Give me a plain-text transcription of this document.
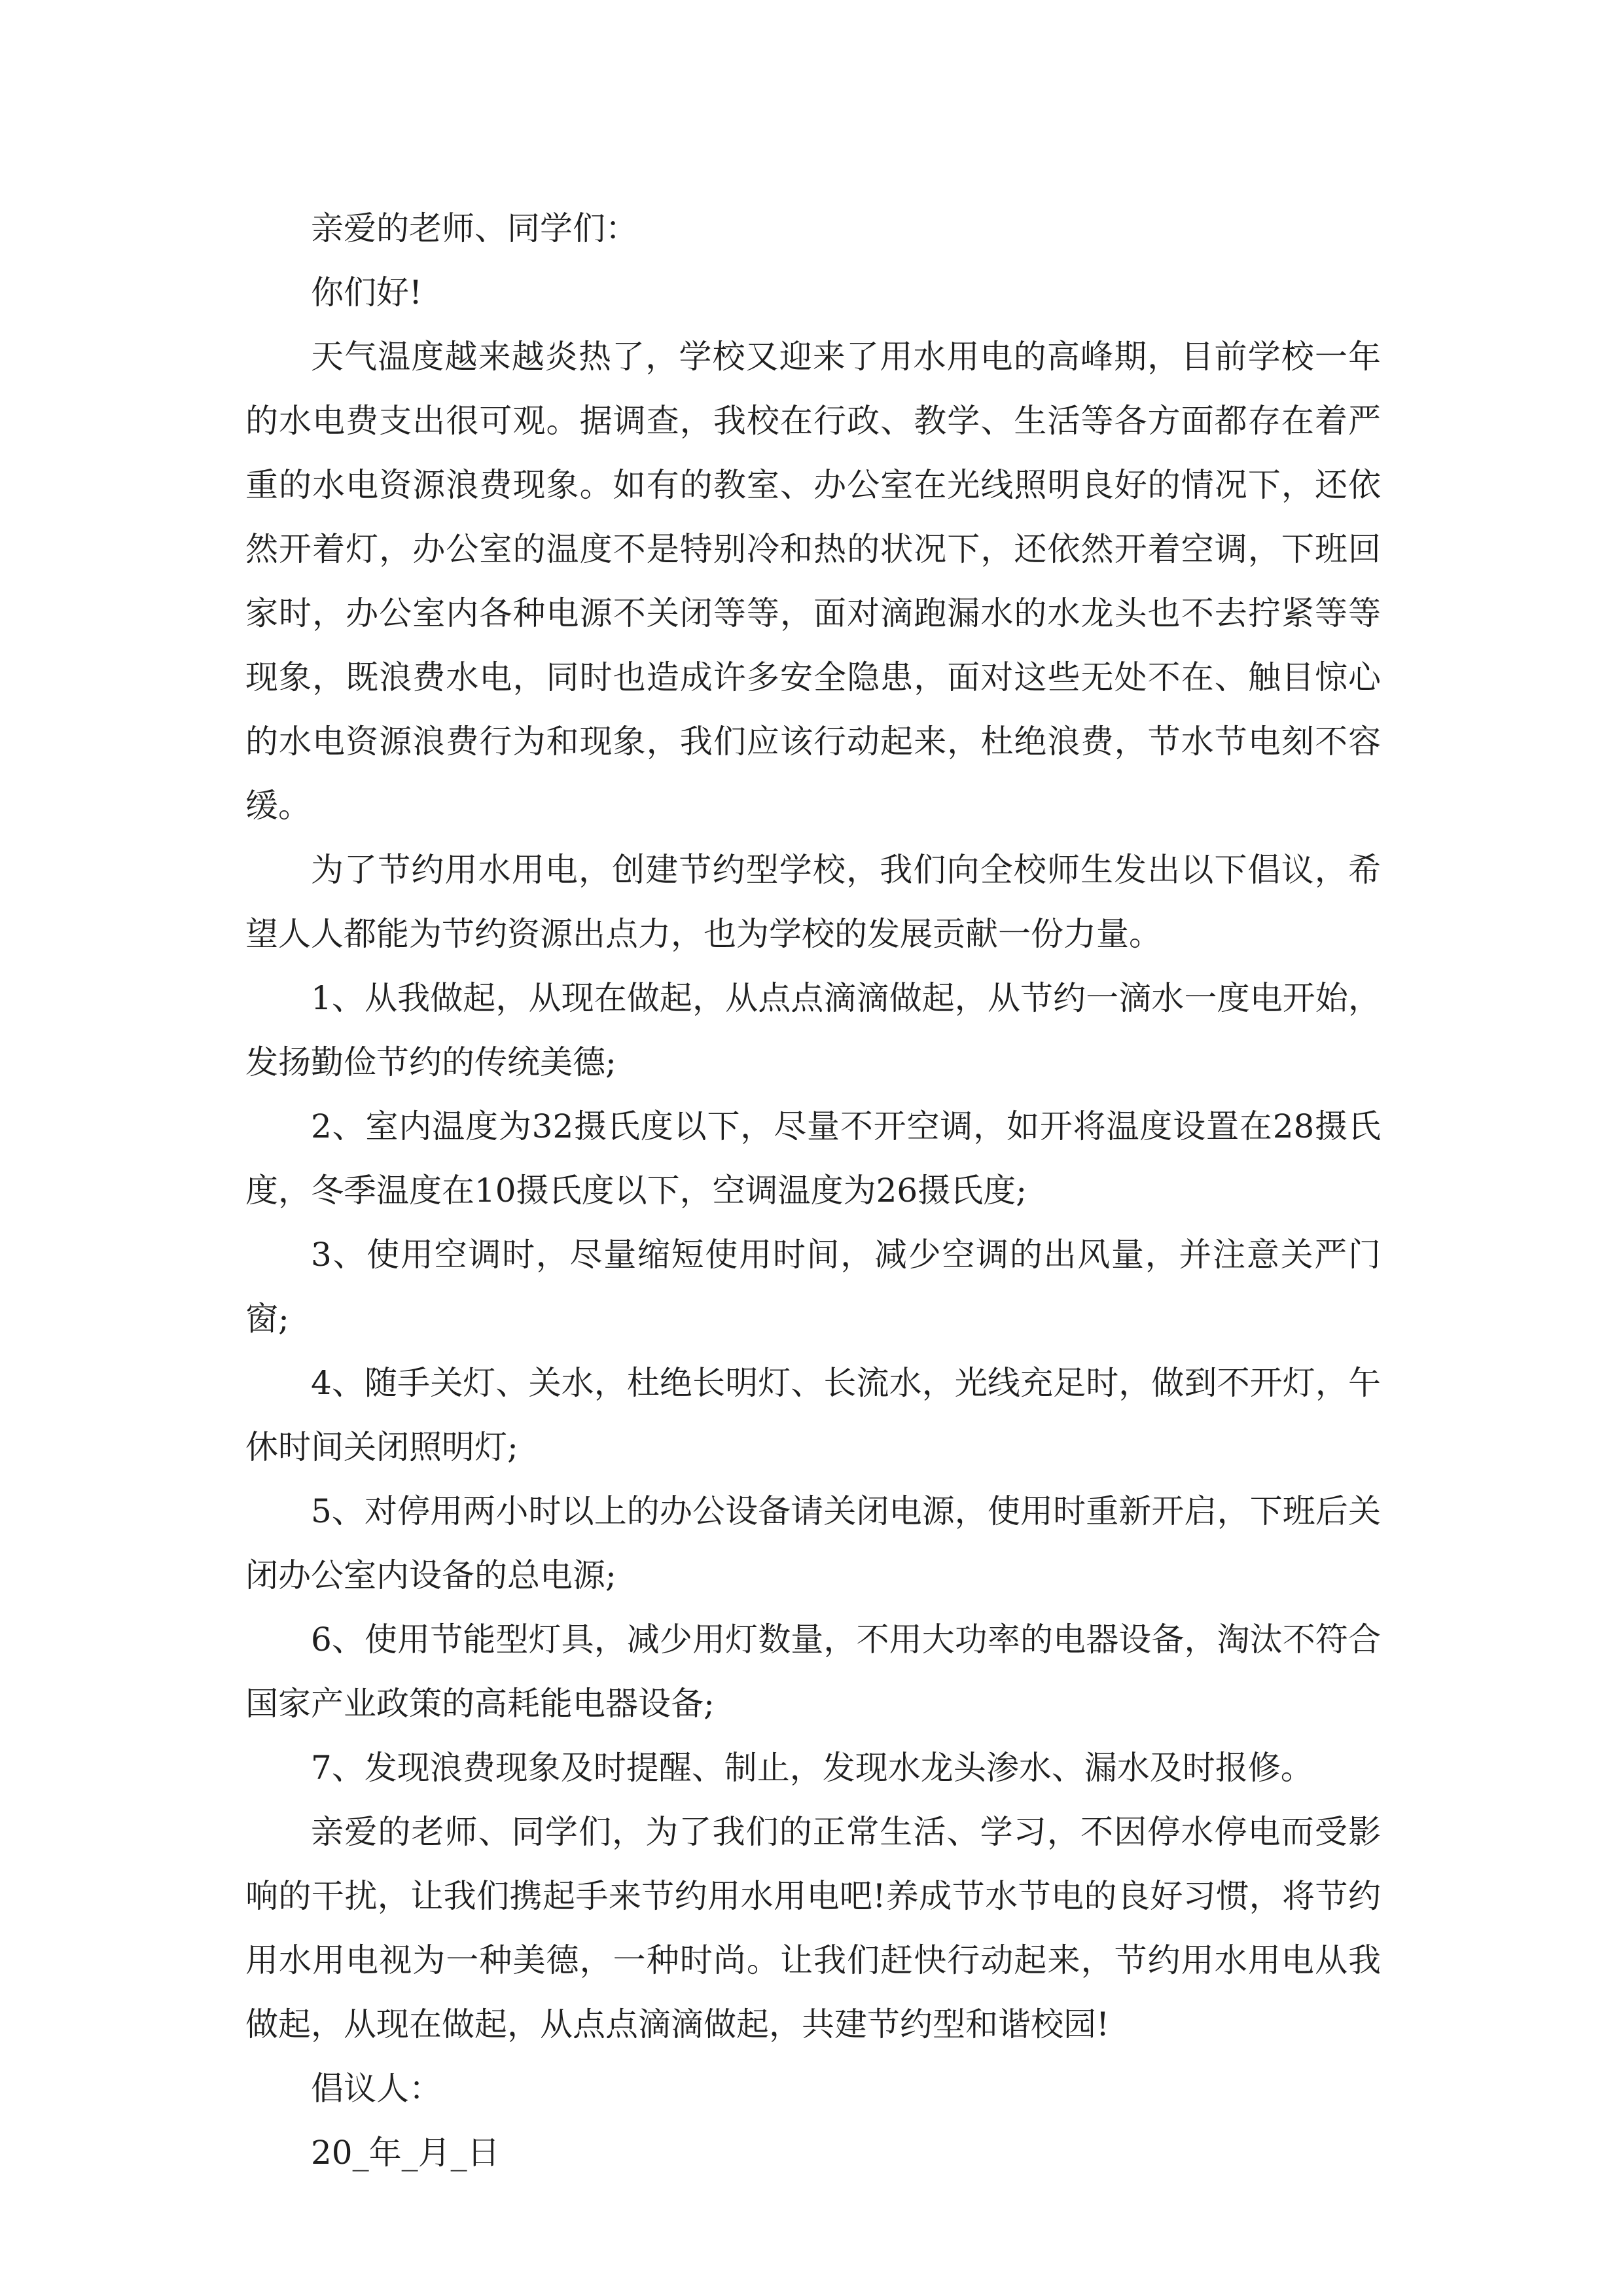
亲爱的老师、同学们：

你们好!

天气温度越来越炎热了，学校又迎来了用水用电的高峰期，目前学校一年的水电费支出很可观。据调查，我校在行政、教学、生活等各方面都存在着严重的水电资源浪费现象。如有的教室、办公室在光线照明良好的情况下，还依然开着灯，办公室的温度不是特别冷和热的状况下，还依然开着空调，下班回家时，办公室内各种电源不关闭等等，面对滴跑漏水的水龙头也不去拧紧等等现象，既浪费水电，同时也造成许多安全隐患，面对这些无处不在、触目惊心的水电资源浪费行为和现象，我们应该行动起来，杜绝浪费，节水节电刻不容缓。

为了节约用水用电，创建节约型学校，我们向全校师生发出以下倡议，希望人人都能为节约资源出点力，也为学校的发展贡献一份力量。

1、从我做起，从现在做起，从点点滴滴做起，从节约一滴水一度电开始，发扬勤俭节约的传统美德;

2、室内温度为32摄氏度以下，尽量不开空调，如开将温度设置在28摄氏度，冬季温度在10摄氏度以下，空调温度为26摄氏度;

3、使用空调时，尽量缩短使用时间，减少空调的出风量，并注意关严门窗;

4、随手关灯、关水，杜绝长明灯、长流水，光线充足时，做到不开灯，午休时间关闭照明灯;

5、对停用两小时以上的办公设备请关闭电源，使用时重新开启，下班后关闭办公室内设备的总电源;

6、使用节能型灯具，减少用灯数量，不用大功率的电器设备，淘汰不符合国家产业政策的高耗能电器设备;

7、发现浪费现象及时提醒、制止，发现水龙头渗水、漏水及时报修。

亲爱的老师、同学们，为了我们的正常生活、学习，不因停水停电而受影响的干扰，让我们携起手来节约用水用电吧!养成节水节电的良好习惯，将节约用水用电视为一种美德，一种时尚。让我们赶快行动起来，节约用水用电从我做起，从现在做起，从点点滴滴做起，共建节约型和谐校园!

倡议人：

20_年_月_日
